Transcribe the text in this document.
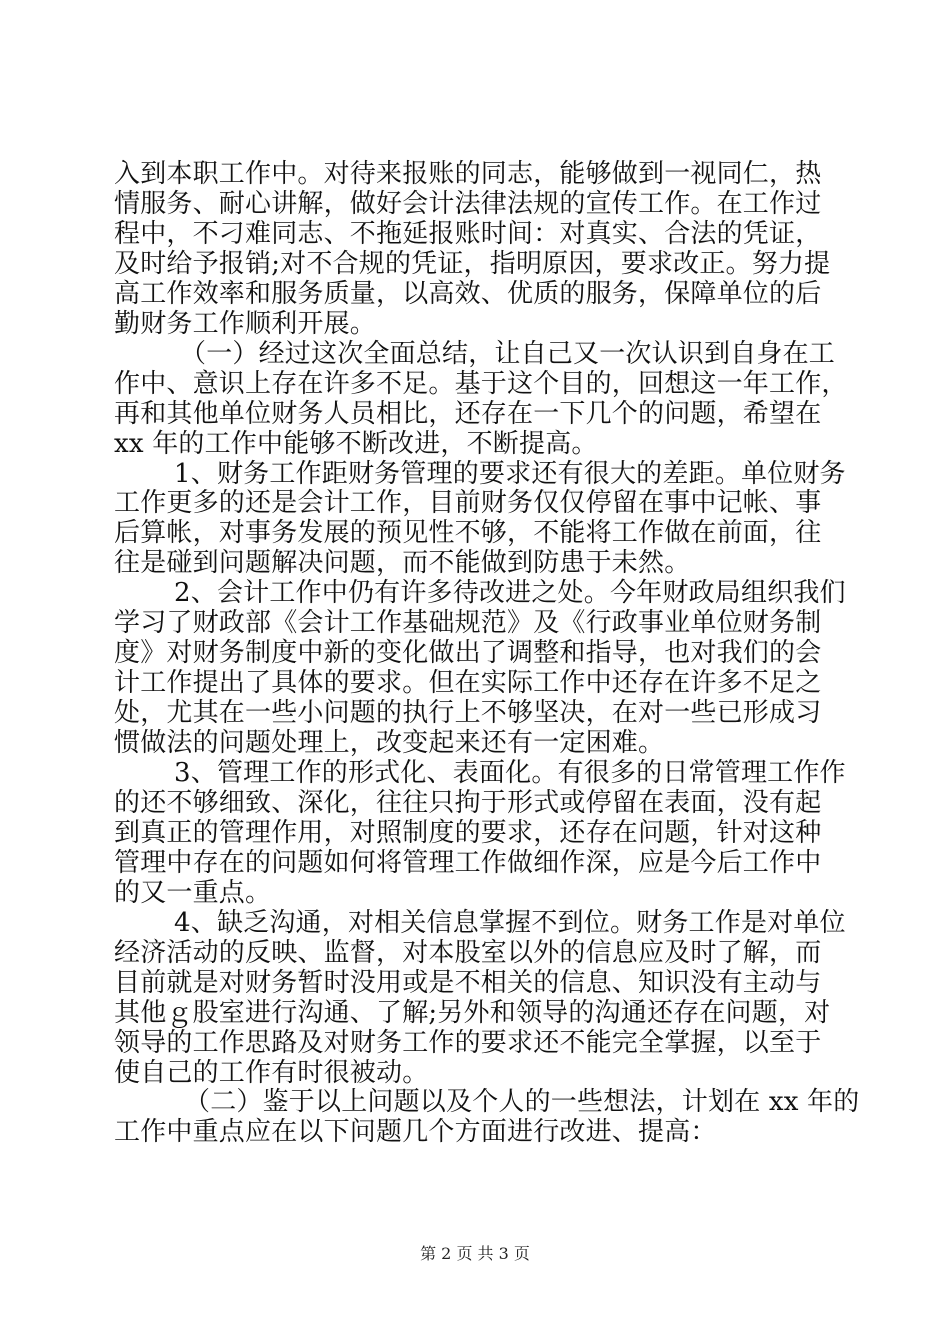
入到本职工作中。对待来报账的同志，能够做到一视同仁，热
情服务、耐心讲解，做好会计法律法规的宣传工作。在工作过
程中，不刁难同志、不拖延报账时间：对真实、合法的凭证，
及时给予报销;对不合规的凭证，指明原因，要求改正。努力提
高工作效率和服务质量，以高效、优质的服务，保障单位的后
勤财务工作顺利开展。
（一）经过这次全面总结，让自己又一次认识到自身在工
作中、意识上存在许多不足。基于这个目的，回想这一年工作，
再和其他单位财务人员相比，还存在一下几个的问题，希望在
xx 年的工作中能够不断改进，不断提高。
1、财务工作距财务管理的要求还有很大的差距。单位财务
工作更多的还是会计工作，目前财务仅仅停留在事中记帐、事
后算帐，对事务发展的预见性不够，不能将工作做在前面，往
往是碰到问题解决问题，而不能做到防患于未然。
2、会计工作中仍有许多待改进之处。今年财政局组织我们
学习了财政部《会计工作基础规范》及《行政事业单位财务制
度》对财务制度中新的变化做出了调整和指导，也对我们的会
计工作提出了具体的要求。但在实际工作中还存在许多不足之
处，尤其在一些小问题的执行上不够坚决，在对一些已形成习
惯做法的问题处理上，改变起来还有一定困难。
3、管理工作的形式化、表面化。有很多的日常管理工作作
的还不够细致、深化，往往只拘于形式或停留在表面，没有起
到真正的管理作用，对照制度的要求，还存在问题，针对这种
管理中存在的问题如何将管理工作做细作深，应是今后工作中
的又一重点。
4、缺乏沟通，对相关信息掌握不到位。财务工作是对单位
经济活动的反映、监督，对本股室以外的信息应及时了解，而
目前就是对财务暂时没用或是不相关的信息、知识没有主动与
其他ｇ股室进行沟通、了解;另外和领导的沟通还存在问题，对
领导的工作思路及对财务工作的要求还不能完全掌握，以至于
使自己的工作有时很被动。
（二）鉴于以上问题以及个人的一些想法，计划在 xx 年的
工作中重点应在以下问题几个方面进行改进、提高：
第 2 页 共 3 页
